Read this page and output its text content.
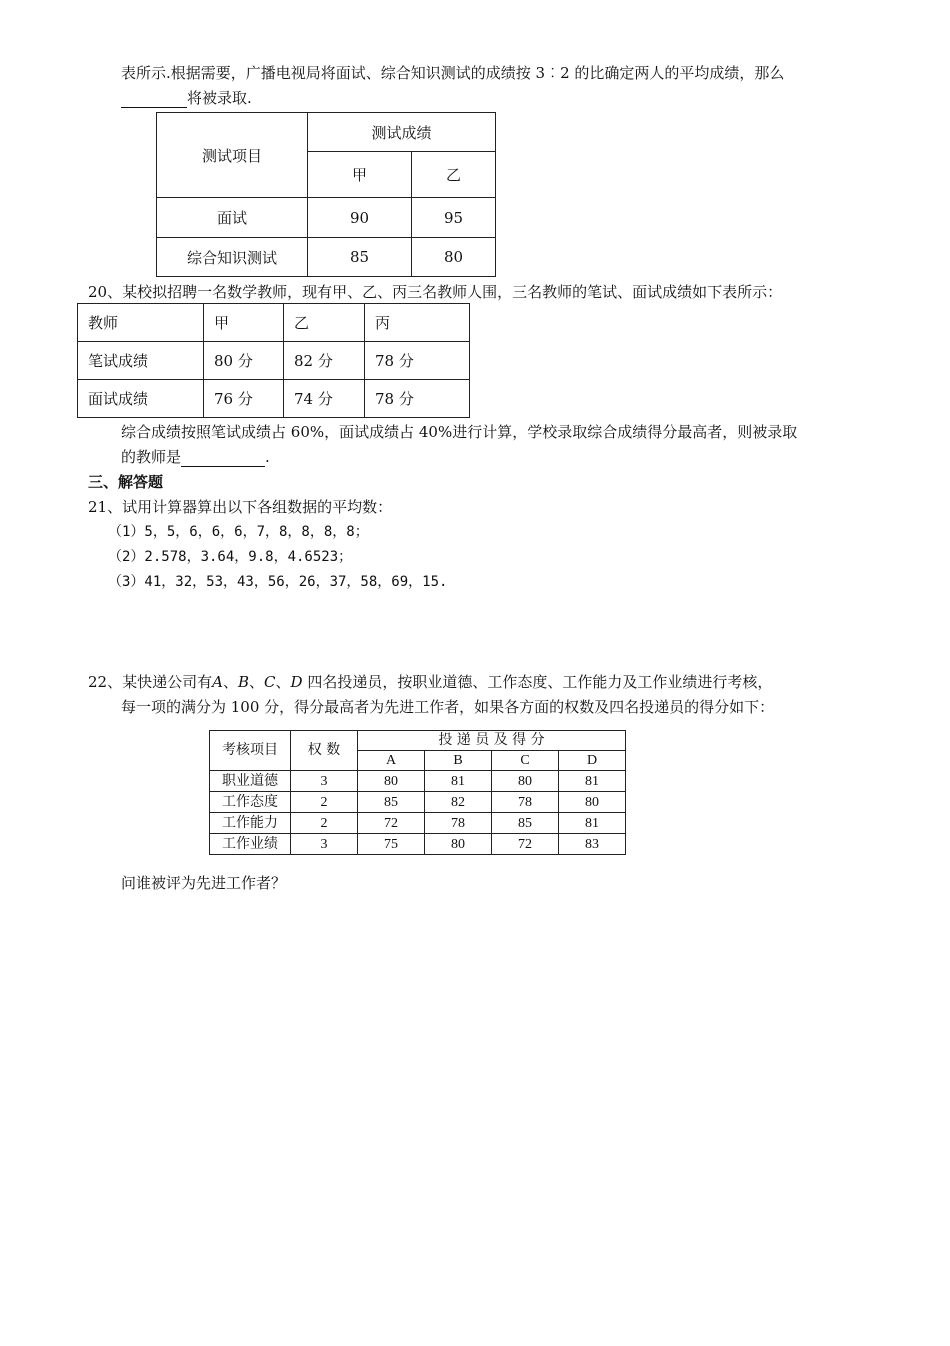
表所示.根据需要，广播电视局将面试、综合知识测试的成绩按 3︰2 的比确定两人的平均成绩，那么
将被录取.
测试项目	测试成绩	
	甲	乙
面试	90	95
综合知识测试	85	80
20、某校拟招聘一名数学教师，现有甲、乙、丙三名教师人围，三名教师的笔试、面试成绩如下表所示：
教师	甲	乙	丙
笔试成绩	80 分	82 分	78 分
面试成绩	76 分	74 分	78 分
综合成绩按照笔试成绩占 60%，面试成绩占 40%进行计算，学校录取综合成绩得分最高者，则被录取
的教师是	.
三、解答题
21、试用计算器算出以下各组数据的平均数：
（1）5，5，6，6，6，7，8，8，8，8；
（2）2.578，3.64，9.8，4.6523；
（3）41，32，53，43，56，26，37，58，69，15.
22、某快递公司有A、B、C、D 四名投递员，按职业道德、工作态度、工作能力及工作业绩进行考核，
每一项的满分为 100 分，得分最高者为先进工作者，如果各方面的权数及四名投递员的得分如下：
考核项目	权 数	投 递 员 及 得 分			
		A	B	C	D
职业道德	3	80	81	80	81
工作态度	2	85	82	78	80
工作能力	2	72	78	85	81
工作业绩	3	75	80	72	83
问谁被评为先进工作者？
